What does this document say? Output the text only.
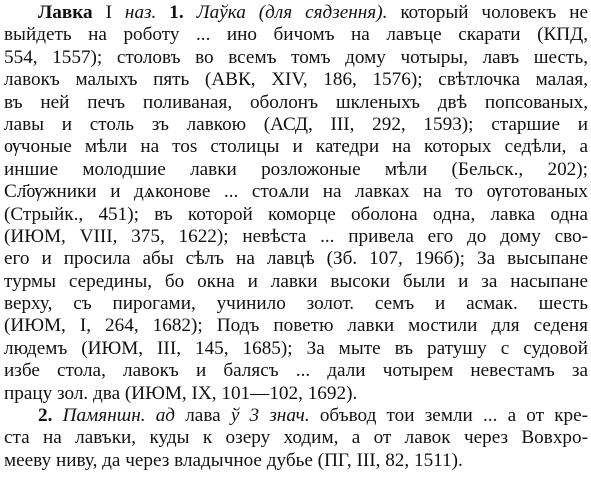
Лавка I наз. 1. Лаўка (для сядзення). который чоловекъ не
выйдеть на роботу ... ино бичомъ на лавъце скарати (КПД,
554, 1557); столовъ во всемъ томъ дому чотыры, лавъ шесть,
лавокъ малыхъ пять (АВК, XIV, 186, 1576); свѣтлочка малая,
въ ней печъ поливаная, оболонъ шкленыхъ двѣ попсованых,
лавы и столь зъ лавкою (АСД, III, 292, 1593); старшие и
ѹчоные мѣли на тоѕ столицы и катедри на которых седѣли, а
иншие молодшие лавки розложоные мѣли (Бельск., 202);
Сл҃ѹжники и дѧконове ... стоѧли на лавках на то ѹготованых
(Стрыйк., 451); въ которой коморце оболона одна, лавка одна
(ИЮМ, VIII, 375, 1622); невѣста ... привела его до дому сво-
его и просила абы сѣлъ на лавцѣ (Зб. 107, 196б); За высыпане
турмы середины, бо окна и лавки высоки были и за насыпане
верху, съ пирогами, учинило золот. семъ и асмак. шесть
(ИЮМ, I, 264, 1682); Подъ поветю лавки мостили для седеня
людемъ (ИЮМ, III, 145, 1685); За мыте въ ратушу с судовой
избе стола, лавокъ и балясъ ... дали чотырем невестамъ за
працу зол. два (ИЮМ, IX, 101—102, 1692).
2. Памяншн. ад лава ў 3 знач. объвод тои земли ... а от кре-
ста на лавъки, куды к озеру ходим, а от лавок через Вовхро-
мееву ниву, да через владычное дубье (ПГ, III, 82, 1511).
